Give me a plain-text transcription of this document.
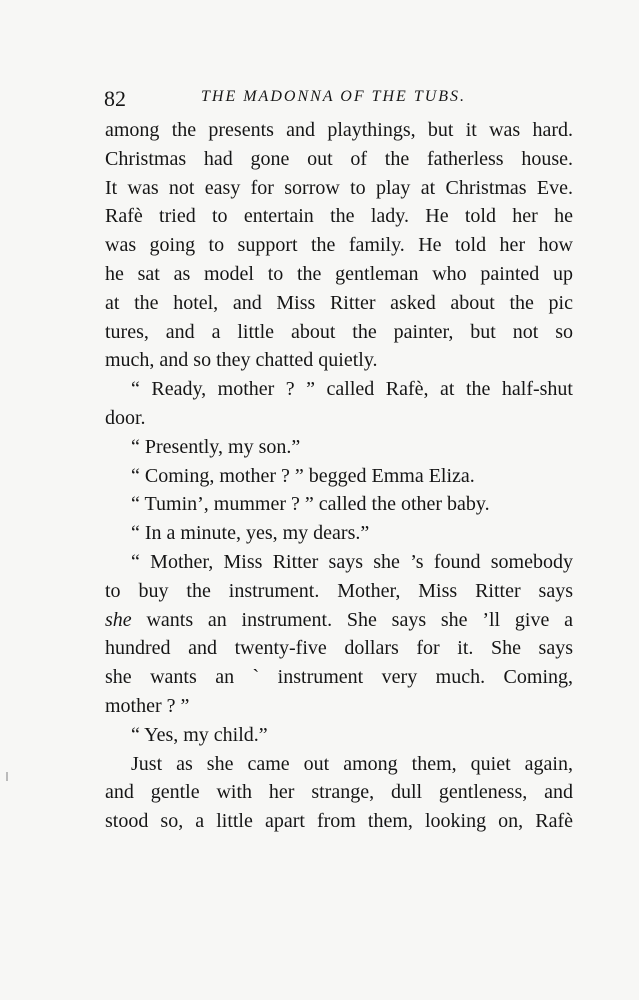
82	THE MADONNA OF THE TUBS.
among the presents and playthings, but it was hard.
Christmas had gone out of the fatherless house.
It was not easy for sorrow to play at Christmas Eve.
Rafè tried to entertain the lady. He told her he
was going to support the family. He told her how
he sat as model to the gentleman who painted up
at the hotel, and Miss Ritter asked about the pic
tures, and a little about the painter, but not so
much, and so they chatted quietly.
“ Ready, mother ? ” called Rafè, at the half-shut
door.
“ Presently, my son.”
“ Coming, mother ? ” begged Emma Eliza.
“ Tumin’, mummer ? ” called the other baby.
“ In a minute, yes, my dears.”
“ Mother, Miss Ritter says she ’s found somebody
to buy the instrument. Mother, Miss Ritter says
she wants an instrument. She says she ’ll give a
hundred and twenty-five dollars for it. She says
she wants an ` instrument very much. Coming,
mother ? ”
“ Yes, my child.”
Just as she came out among them, quiet again,
and gentle with her strange, dull gentleness, and
stood so, a little apart from them, looking on, Rafè
